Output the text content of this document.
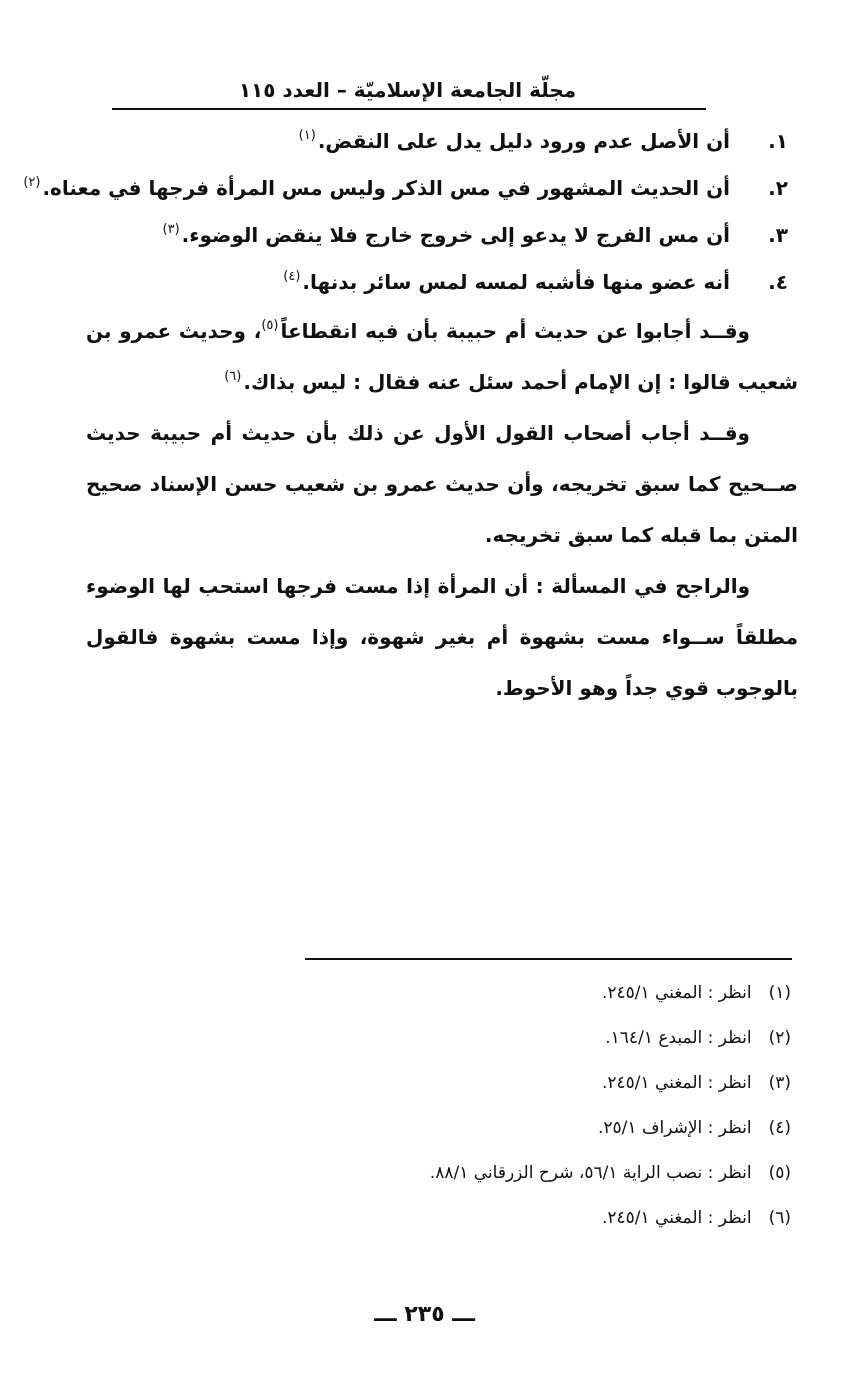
مجلّة الجامعة الإسلاميّة – العدد ١١٥
١.
أن الأصل عدم ورود دليل يدل على النقض.$^{(١)}$
٢.
أن الحديث المشهور في مس الذكر وليس مس المرأة فرجها في معناه.$^{(٢)}$
٣.
أن مس الفرج لا يدعو إلى خروج خارج فلا ينقض الوضوء.$^{(٣)}$
٤.
أنه عضو منها فأشبه لمسه لمس سائر بدنها.$^{(٤)}$

وقــد أجابوا عن حديث أم حبيبة بأن فيه انقطاعاً$^{(٥)}$، وحديث عمرو بن شعيب قالوا : إن الإمام أحمد سئل عنه فقال : ليس بذاك.$^{(٦)}$

وقــد أجاب أصحاب القول الأول عن ذلك بأن حديث أم حبيبة حديث صــحيح كما سبق تخريجه، وأن حديث عمرو بن شعيب حسن الإسناد صحيح المتن بما قبله كما سبق تخريجه.

والراجح في المسألة : أن المرأة إذا مست فرجها استحب لها الوضوء مطلقاً ســواء مست بشهوة أم بغير شهوة، وإذا مست بشهوة فالقول بالوجوب قوي جداً وهو الأحوط.

(١) انظر : المغني ٢٤٥/١.
(٢) انظر : المبدع ١٦٤/١.
(٣) انظر : المغني ٢٤٥/١.
(٤) انظر : الإشراف ٢٥/١.
(٥) انظر : نصب الراية ٥٦/١، شرح الزرقاني ٨٨/١.
(٦) انظر : المغني ٢٤٥/١.
ـــ ٢٣٥ ـــ
